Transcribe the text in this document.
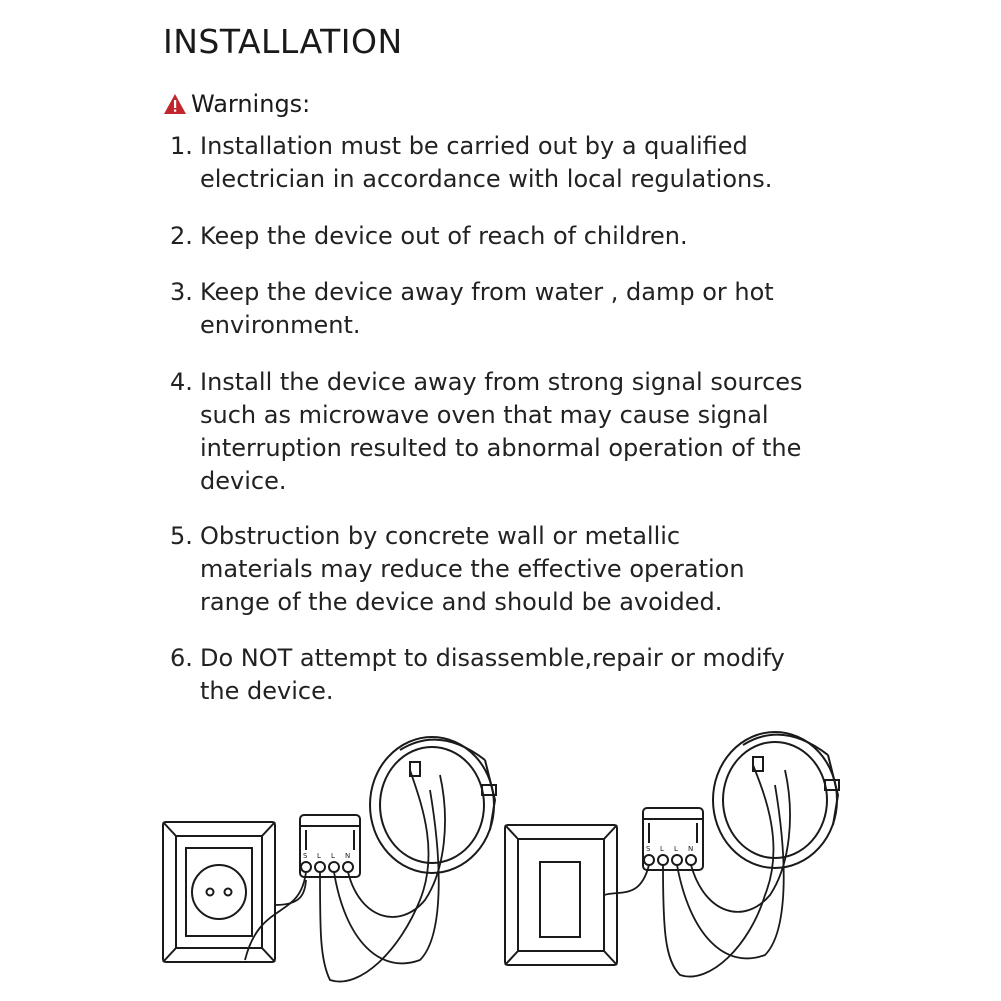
INSTALLATION
Warnings:
1. Installation must be carried out by a qualified electrician in accordance with local regulations.
2. Keep the device out of reach of children.
3. Keep the device away from water , damp or hot environment.
4. Install the device away from strong signal sources such as microwave oven that may cause signal interruption resulted to abnormal operation of the device.
5. Obstruction by concrete wall or metallic materials may reduce the effective operation range of the device and should be avoided.
6. Do NOT attempt to disassemble,repair or modify the device.
S L L N
S L L N
